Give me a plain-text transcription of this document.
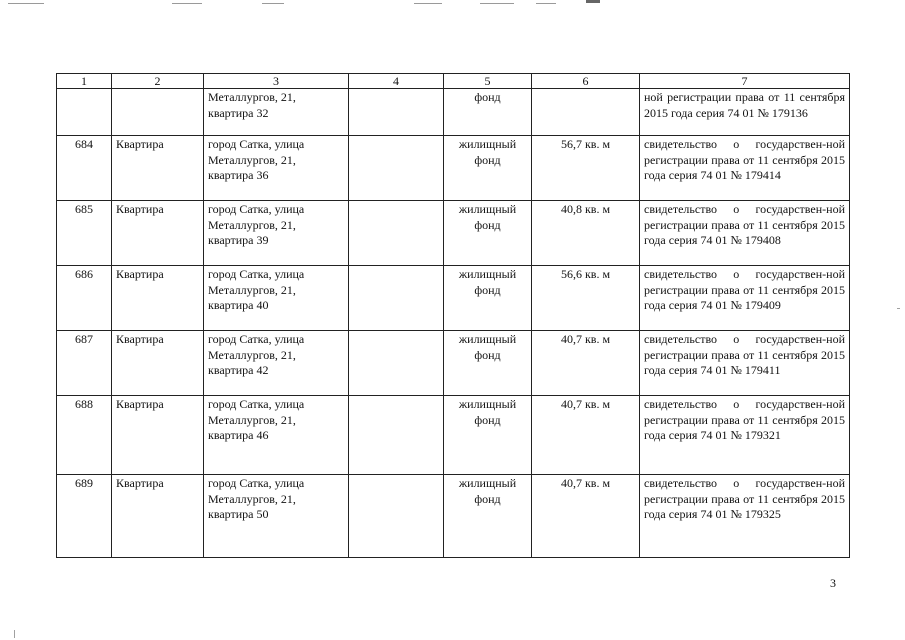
1	2	3	4	5	6	7
		Металлургов, 21, квартира 32		фонд		ной регистрации права от 11 сентября 2015 года серия 74 01 № 179136
684	Квартира	город Сатка, улица Металлургов, 21, квартира 36		жилищный фонд	56,7 кв. м	свидетельство о государствен-ной регистрации права от 11 сентября 2015 года серия 74 01 № 179414
685	Квартира	город Сатка, улица Металлургов, 21, квартира 39		жилищный фонд	40,8 кв. м	свидетельство о государствен-ной регистрации права от 11 сентября 2015 года серия 74 01 № 179408
686	Квартира	город Сатка, улица Металлургов, 21, квартира 40		жилищный фонд	56,6 кв. м	свидетельство о государствен-ной регистрации права от 11 сентября 2015 года серия 74 01 № 179409
687	Квартира	город Сатка, улица Металлургов, 21, квартира 42		жилищный фонд	40,7 кв. м	свидетельство о государствен-ной регистрации права от 11 сентября 2015 года серия 74 01 № 179411
688	Квартира	город Сатка, улица Металлургов, 21, квартира 46		жилищный фонд	40,7 кв. м	свидетельство о государствен-ной регистрации права от 11 сентября 2015 года серия 74 01 № 179321
689	Квартира	город Сатка, улица Металлургов, 21, квартира 50		жилищный фонд	40,7 кв. м	свидетельство о государствен-ной регистрации права от 11 сентября 2015 года серия 74 01 № 179325
3
